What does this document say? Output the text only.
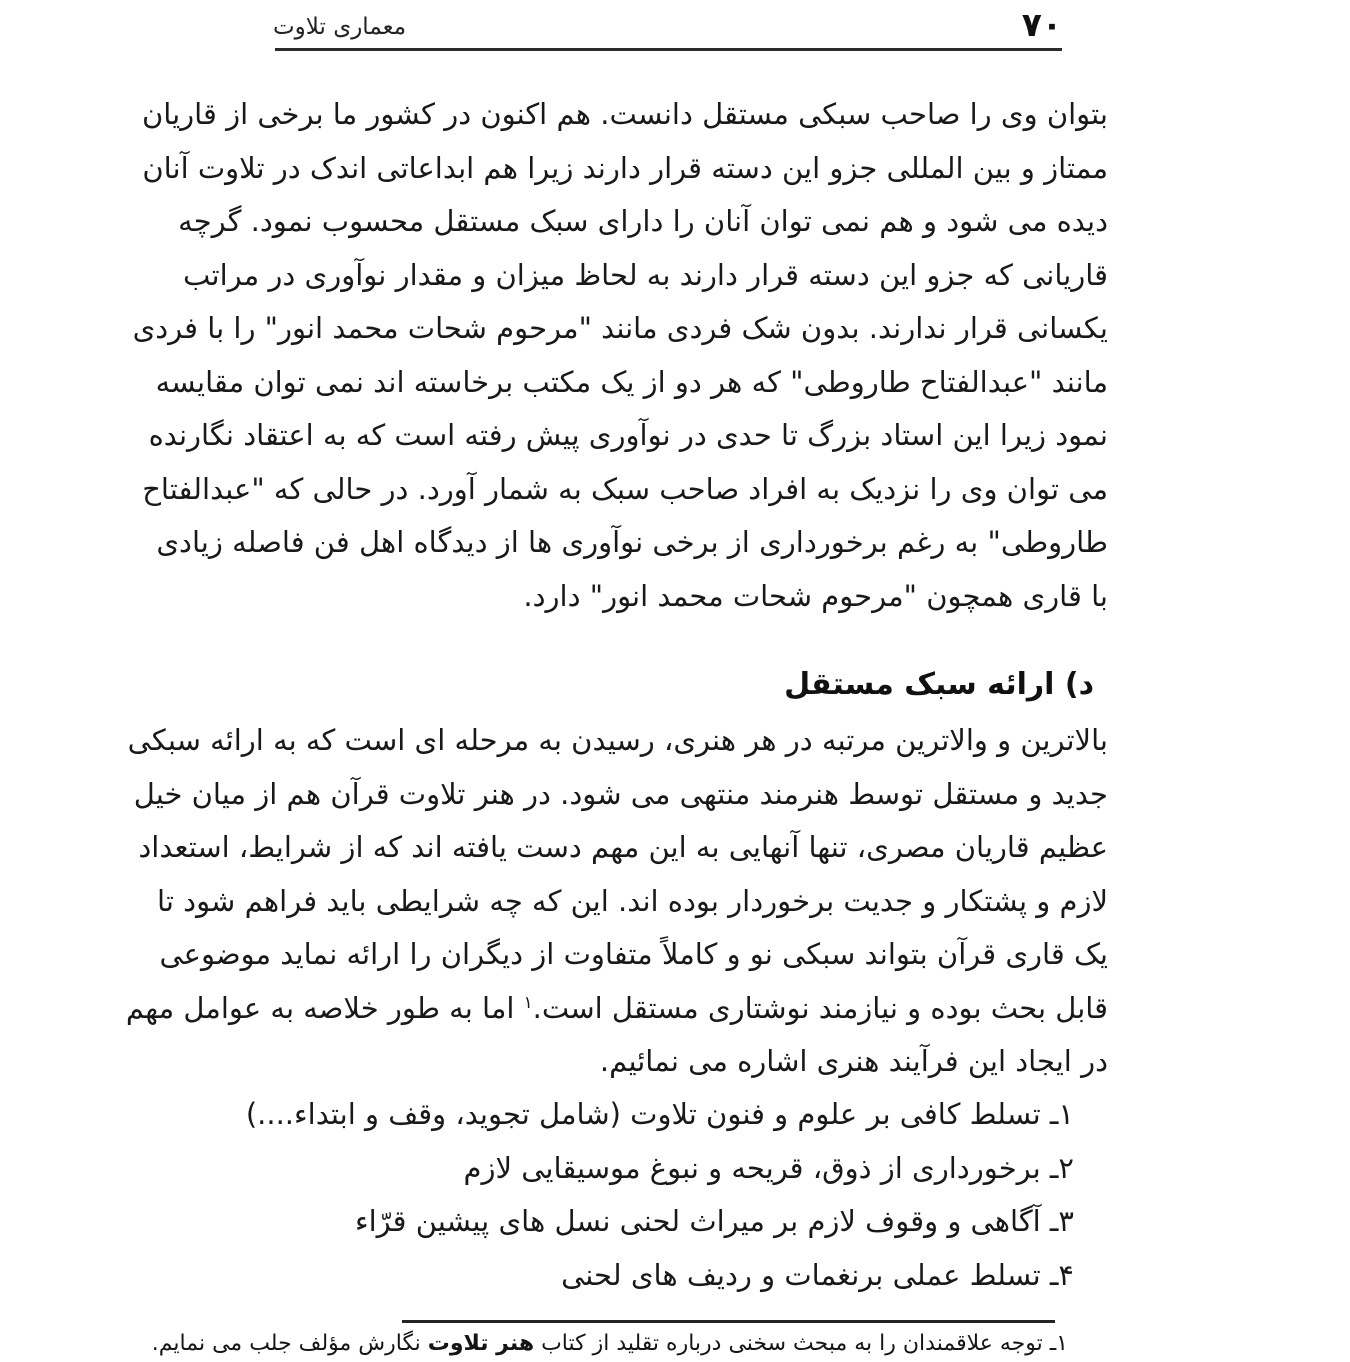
معماری تلاوت	۷۰
بتوان وی را صاحب سبکی مستقل دانست. هم اکنون در کشور ما برخی از قاریان
ممتاز و بین المللی جزو این دسته قرار دارند زیرا هم ابداعاتی اندک در تلاوت آنان
دیده می شود و هم نمی توان آنان را دارای سبک مستقل محسوب نمود. گرچه
قاریانی که جزو این دسته قرار دارند به لحاظ میزان و مقدار نوآوری در مراتب
یکسانی قرار ندارند. بدون شک فردی مانند "مرحوم شحات محمد انور" را با فردی
مانند "عبدالفتاح طاروطی" که هر دو از یک مکتب برخاسته اند نمی توان مقایسه
نمود زیرا این استاد بزرگ تا حدی در نوآوری پیش رفته است که به اعتقاد نگارنده
می توان وی را نزدیک به افراد صاحب سبک به شمار آورد. در حالی که "عبدالفتاح
طاروطی" به رغم برخورداری از برخی نوآوری ها از دیدگاه اهل فن فاصله زیادی
با قاری همچون "مرحوم شحات محمد انور" دارد.
د) ارائه سبک مستقل
بالاترین و والاترین مرتبه در هر هنری، رسیدن به مرحله ای است که به ارائه سبکی
جدید و مستقل توسط هنرمند منتهی می شود. در هنر تلاوت قرآن هم از میان خیل
عظیم قاریان مصری، تنها آنهایی به این مهم دست یافته اند که از شرایط، استعداد
لازم و پشتکار و جدیت برخوردار بوده اند. این که چه شرایطی باید فراهم شود تا
یک قاری قرآن بتواند سبکی نو و کاملاً متفاوت از دیگران را ارائه نماید موضوعی
قابل بحث بوده و نیازمند نوشتاری مستقل است.$^۱$ اما به طور خلاصه به عوامل مهم
در ایجاد این فرآیند هنری اشاره می نمائیم.
۱ـ تسلط کافی بر علوم و فنون تلاوت (شامل تجوید، وقف و ابتداء....)
۲ـ برخورداری از ذوق، قریحه و نبوغ موسیقایی لازم
۳ـ آگاهی و وقوف لازم بر میراث لحنی نسل های پیشین قرّاء
۴ـ تسلط عملی برنغمات و ردیف های لحنی
۱ـ توجه علاقمندان را به مبحث سخنی درباره تقلید از کتاب هنر تلاوت نگارش مؤلف جلب می نمایم.
